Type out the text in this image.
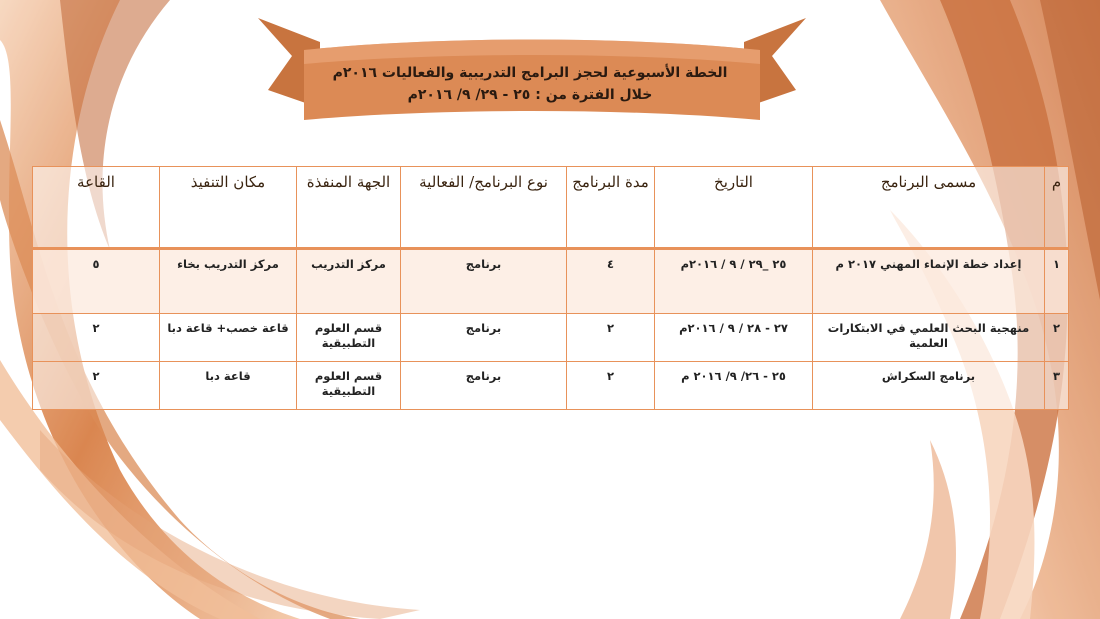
الخطة الأسبوعية لحجز البرامج التدريبية والفعاليات ٢٠١٦م
خلال الفترة من : ٢٥ - ٢٩/ ٩/ ٢٠١٦م
م	مسمى البرنامج	التاريخ	مدة البرنامج	نوع البرنامج/ الفعالية	الجهة المنفذة	مكان التنفيذ	القاعة
١	إعداد خطة الإنماء المهني ٢٠١٧ م	٢٥ _٢٩ / ٩ / ٢٠١٦م	٤	برنامج	مركز التدريب	مركز التدريب بخاء	٥
٢	منهجية البحث العلمي في الابتكارات العلمية	٢٧ - ٢٨ / ٩ / ٢٠١٦م	٢	برنامج	قسم العلوم التطبيقية	قاعة خصب+ قاعة دبا	٢
٣	برنامج السكراش	٢٥ - ٢٦/ ٩/ ٢٠١٦ م	٢	برنامج	قسم العلوم التطبيقية	قاعة دبا	٢
